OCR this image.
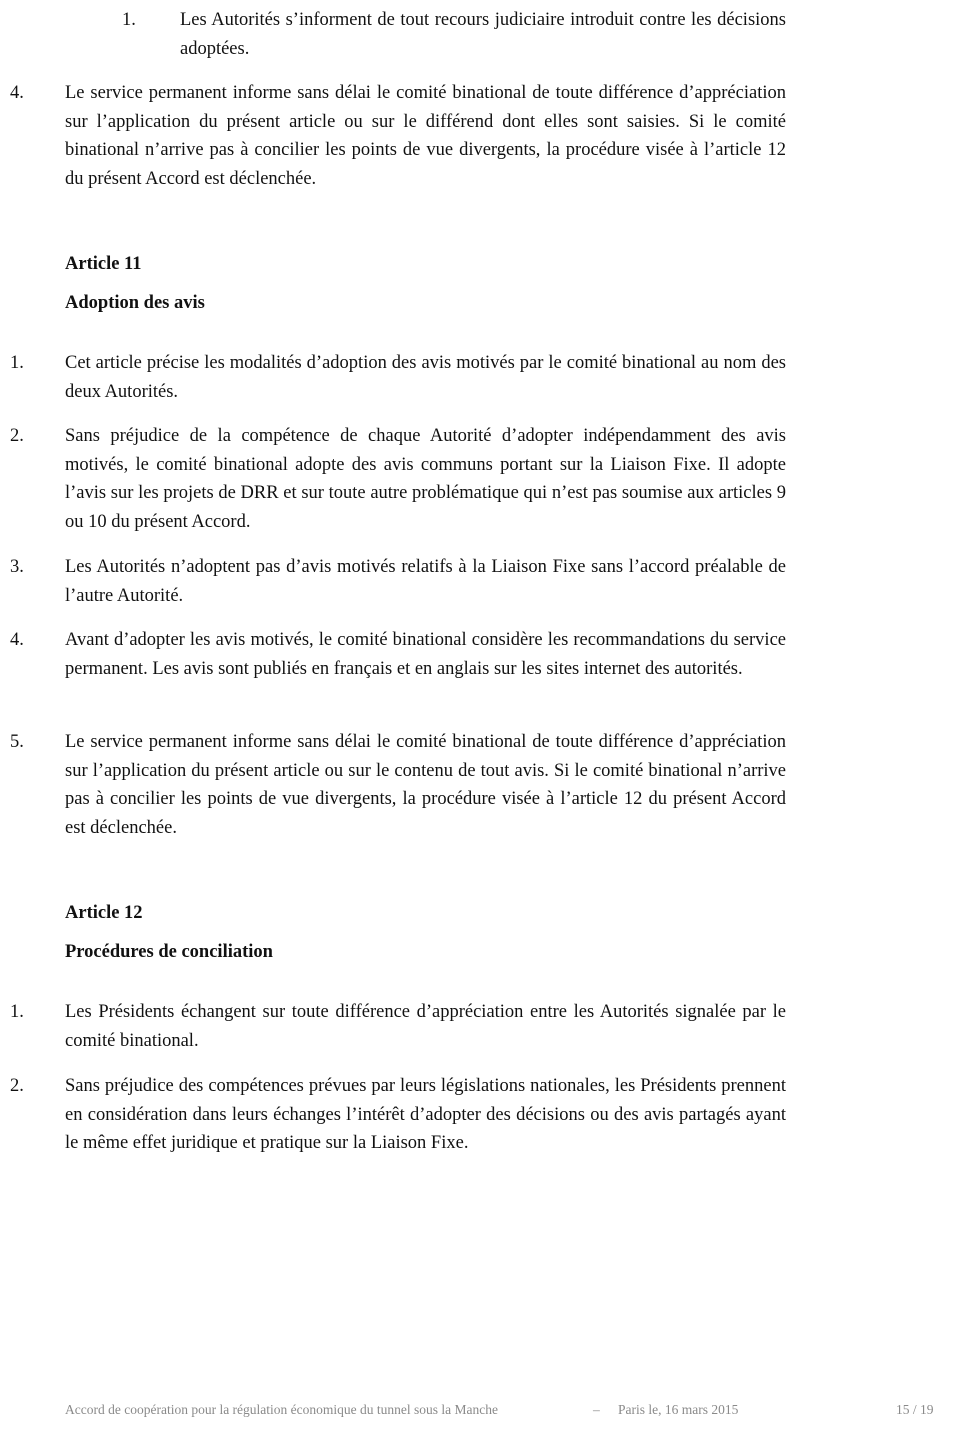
1. Les Autorités s’informent de tout recours judiciaire introduit contre les décisions adoptées.

4. Le service permanent informe sans délai le comité binational de toute différence d’appréciation sur l’application du présent article ou sur le différend dont elles sont saisies. Si le comité binational n’arrive pas à concilier les points de vue divergents, la procédure visée à l’article 12 du présent Accord est déclenchée.

Article 11
Adoption des avis
1. Cet article précise les modalités d’adoption des avis motivés par le comité binational au nom des deux Autorités.

2. Sans préjudice de la compétence de chaque Autorité d’adopter indépendamment des avis motivés, le comité binational adopte des avis communs portant sur la Liaison Fixe. Il adopte l’avis sur les projets de DRR et sur toute autre problématique qui n’est pas soumise aux articles 9 ou 10 du présent Accord.

3. Les Autorités n’adoptent pas d’avis motivés relatifs à la Liaison Fixe sans l’accord préalable de l’autre Autorité.

4. Avant d’adopter les avis motivés, le comité binational considère les recommandations du service permanent. Les avis sont publiés en français et en anglais sur les sites internet des autorités.

5. Le service permanent informe sans délai le comité binational de toute différence d’appréciation sur l’application du présent article ou sur le contenu de tout avis. Si le comité binational n’arrive pas à concilier les points de vue divergents, la procédure visée à l’article 12 du présent Accord est déclenchée.

Article 12
Procédures de conciliation
1. Les Présidents échangent sur toute différence d’appréciation entre les Autorités signalée par le comité binational.

2. Sans préjudice des compétences prévues par leurs législations nationales, les Présidents prennent en considération dans leurs échanges l’intérêt d’adopter des décisions ou des avis partagés ayant le même effet juridique et pratique sur la Liaison Fixe.

Accord de coopération pour la régulation économique du tunnel sous la Manche	– Paris le, 16 mars 2015	15 / 19
